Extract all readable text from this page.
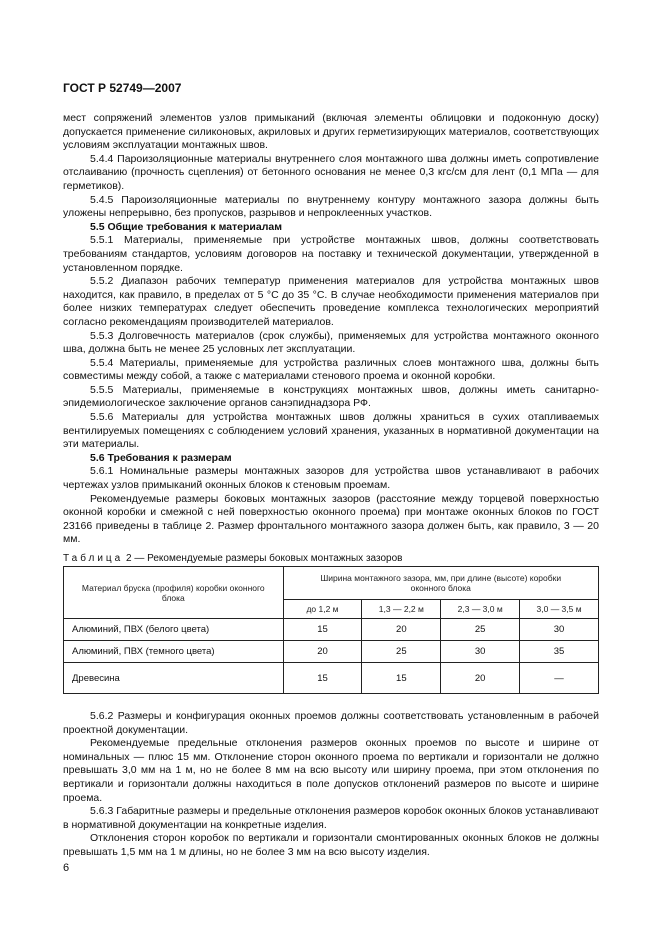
ГОСТ Р 52749—2007

мест сопряжений элементов узлов примыканий (включая элементы облицовки и подоконную доску) допускается применение силиконовых, акриловых и других герметизирующих материалов, соответствующих условиям эксплуатации монтажных швов.

5.4.4 Пароизоляционные материалы внутреннего слоя монтажного шва должны иметь сопротивление отслаиванию (прочность сцепления) от бетонного основания не менее 0,3 кгс/см для лент (0,1 МПа — для герметиков).

5.4.5 Пароизоляционные материалы по внутреннему контуру монтажного зазора должны быть уложены непрерывно, без пропусков, разрывов и непроклеенных участков.

5.5 Общие требования к материалам

5.5.1 Материалы, применяемые при устройстве монтажных швов, должны соответствовать требованиям стандартов, условиям договоров на поставку и технической документации, утвержденной в установленном порядке.

5.5.2 Диапазон рабочих температур применения материалов для устройства монтажных швов находится, как правило, в пределах от 5 °С до 35 °С. В случае необходимости применения материалов при более низких температурах следует обеспечить проведение комплекса технологических мероприятий согласно рекомендациям производителей материалов.

5.5.3 Долговечность материалов (срок службы), применяемых для устройства монтажного оконного шва, должна быть не менее 25 условных лет эксплуатации.

5.5.4 Материалы, применяемые для устройства различных слоев монтажного шва, должны быть совместимы между собой, а также с материалами стенового проема и оконной коробки.

5.5.5 Материалы, применяемые в конструкциях монтажных швов, должны иметь санитарно-эпидемиологическое заключение органов санэпиднадзора РФ.

5.5.6 Материалы для устройства монтажных швов должны храниться в сухих отапливаемых вентилируемых помещениях с соблюдением условий хранения, указанных в нормативной документации на эти материалы.

5.6 Требования к размерам

5.6.1 Номинальные размеры монтажных зазоров для устройства швов устанавливают в рабочих чертежах узлов примыканий оконных блоков к стеновым проемам.

Рекомендуемые размеры боковых монтажных зазоров (расстояние между торцевой поверхностью оконной коробки и смежной с ней поверхностью оконного проема) при монтаже оконных блоков по ГОСТ 23166 приведены в таблице 2. Размер фронтального монтажного зазора должен быть, как правило, 3 — 20 мм.

Таблица 2 — Рекомендуемые размеры боковых монтажных зазоров
Материал бруска (профиля) коробки оконного блока	Ширина монтажного зазора, мм, при длине (высоте) коробки оконного блока			
	до 1,2 м	1,3 — 2,2 м	2,3 — 3,0 м	3,0 — 3,5 м
Алюминий, ПВХ (белого цвета)	15	20	25	30
Алюминий, ПВХ (темного цвета)	20	25	30	35
Древесина	15	15	20	—

5.6.2 Размеры и конфигурация оконных проемов должны соответствовать установленным в рабочей проектной документации.

Рекомендуемые предельные отклонения размеров оконных проемов по высоте и ширине от номинальных — плюс 15 мм. Отклонение сторон оконного проема по вертикали и горизонтали не должно превышать 3,0 мм на 1 м, но не более 8 мм на всю высоту или ширину проема, при этом отклонения по вертикали и горизонтали должны находиться в поле допусков отклонений размеров по высоте и ширине проема.

5.6.3 Габаритные размеры и предельные отклонения размеров коробок оконных блоков устанавливают в нормативной документации на конкретные изделия.

Отклонения сторон коробок по вертикали и горизонтали смонтированных оконных блоков не должны превышать 1,5 мм на 1 м длины, но не более 3 мм на всю высоту изделия.

6
